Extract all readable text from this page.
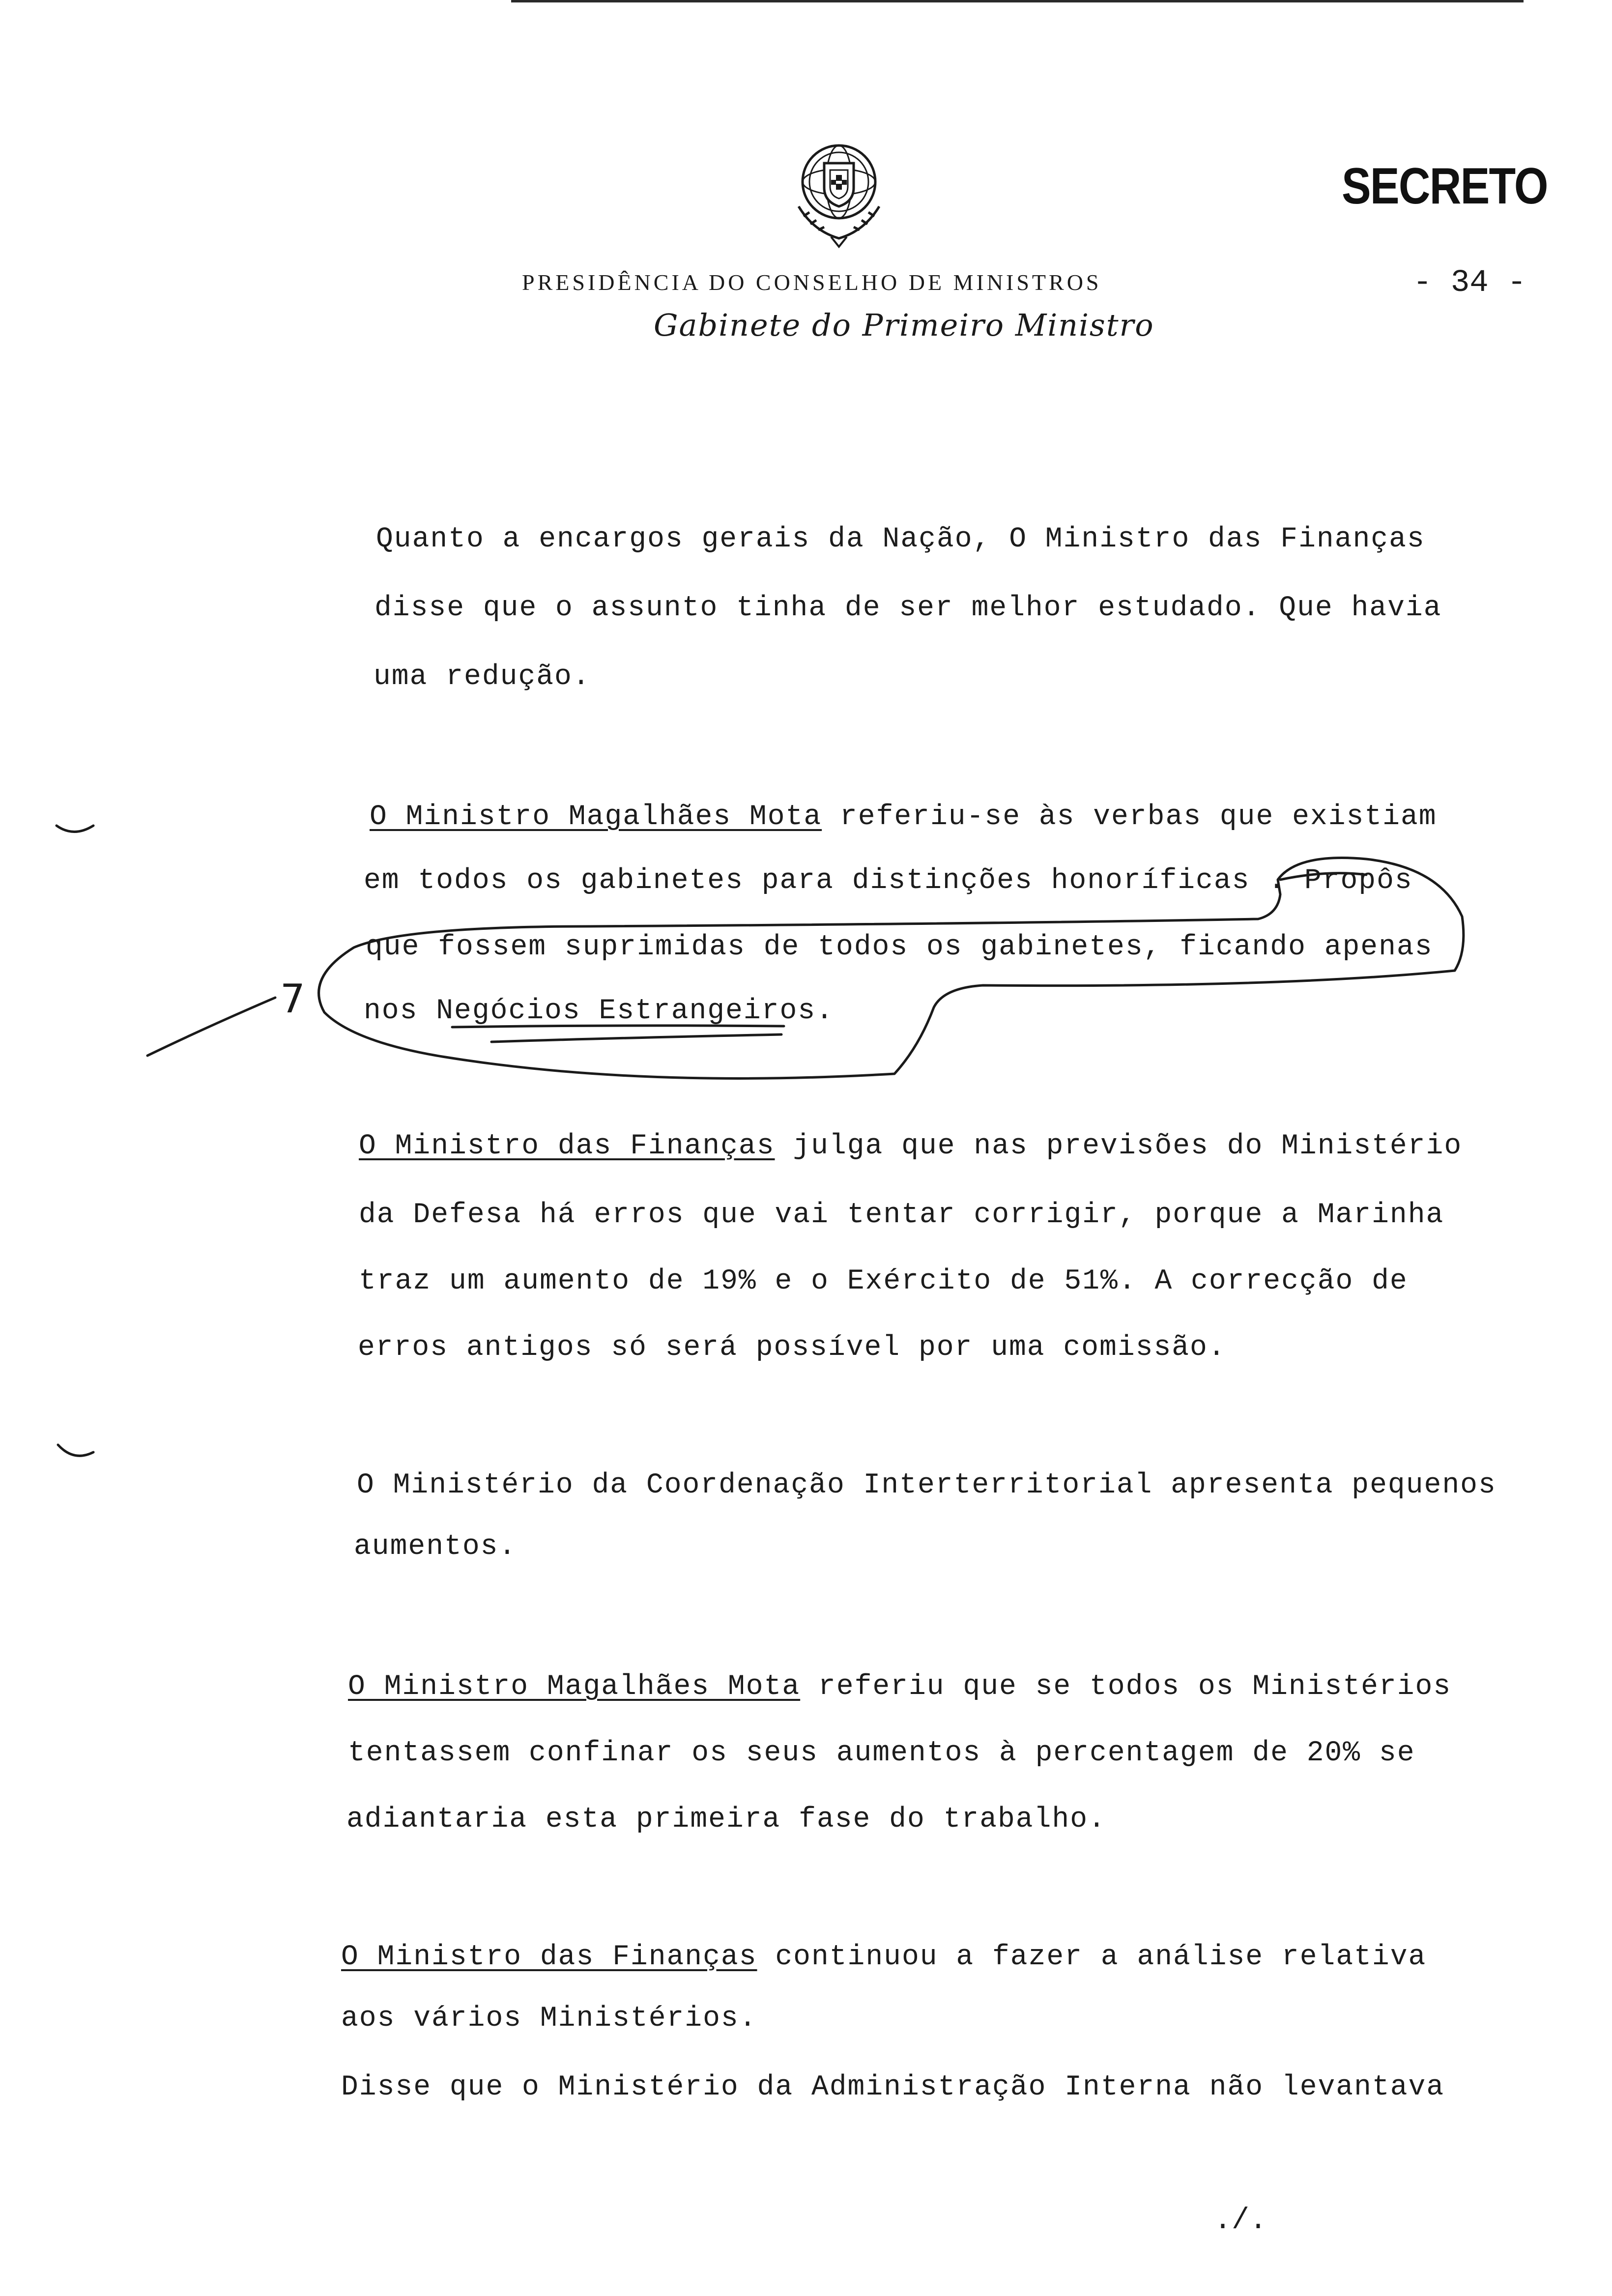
SECRETO
PRESIDÊNCIA DO CONSELHO DE MINISTROS
Gabinete do Primeiro Ministro
- 34 -
Quanto a encargos gerais da Nação, O Ministro das Finanças
disse que o assunto tinha de ser melhor estudado. Que havia
uma redução.
O Ministro Magalhães Mota referiu-se às verbas que existiam
em todos os gabinetes para distinções honoríficas . Propôs
que fossem suprimidas de todos os gabinetes, ficando apenas
nos Negócios Estrangeiros.
O Ministro das Finanças julga que nas previsões do Ministério
da Defesa há erros que vai tentar corrigir, porque a Marinha
traz um aumento de 19% e o Exército de 51%. A correcção de
erros antigos só será possível por uma comissão.
O Ministério da Coordenação Interterritorial apresenta pequenos
aumentos.
O Ministro Magalhães Mota referiu que se todos os Ministérios
tentassem confinar os seus aumentos à percentagem de 20% se
adiantaria esta primeira fase do trabalho.
O Ministro das Finanças continuou a fazer a análise relativa
aos vários Ministérios.
Disse que o Ministério da Administração Interna não levantava
7
./.
